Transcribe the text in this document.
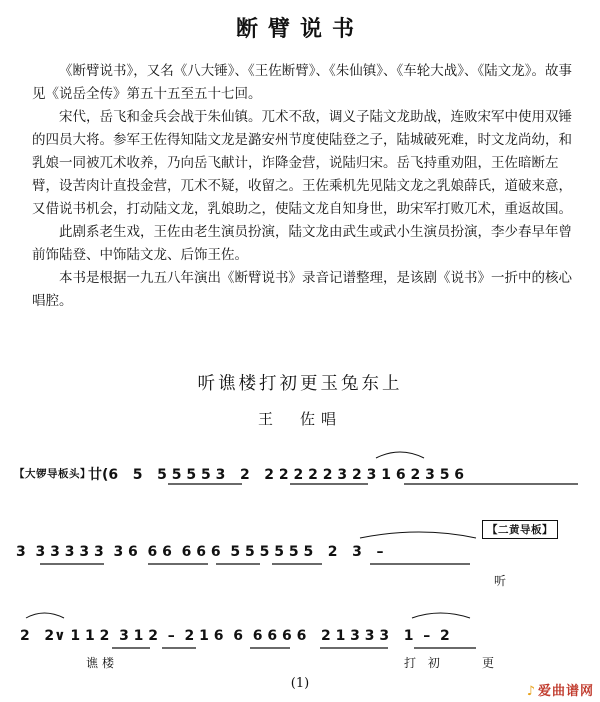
断臂说书

《断臂说书》，又名《八大锤》、《王佐断臂》、《朱仙镇》、《车轮大战》、《陆文龙》。故事见《说岳全传》第五十五至五十七回。

宋代，岳飞和金兵会战于朱仙镇。兀术不敌，调义子陆文龙助战，连败宋军中使用双锤的四员大将。参军王佐得知陆文龙是潞安州节度使陆登之子，陆城破死难，时文龙尚幼，和乳娘一同被兀术收养，乃向岳飞献计，诈降金营，说陆归宋。岳飞持重劝阻，王佐暗断左臂，设苦肉计直投金营，兀术不疑，收留之。王佐乘机先见陆文龙之乳娘薛氏，道破来意，又借说书机会，打动陆文龙，乳娘助之，使陆文龙自知身世，助宋军打败兀术，重返故国。

此剧系老生戏，王佐由老生演员扮演，陆文龙由武生或武小生演员扮演，李少春早年曾前饰陆登、中饰陆文龙、后饰王佐。

本书是根据一九五八年演出《断臂说书》录音记谱整理，是该剧《说书》一折中的核心唱腔。

听谯楼打初更玉兔东上
王　佐唱
【大锣导板头】
廿(6   5   5 5 5 5 3   2   2 2 2 2 2 3 2 3 1 6 2 3 5 6
【二黄导板】
3  3 3 3 3 3  3 6  6 6  6 6 6  5 5 5 5 5 5   2   3   –
听
2   2∨ 1 1 2  3 1 2  –  2 1 6  6  6 6 6 6   2 1 3 3 3   1  –  2
谯楼	打 初	更
(1)
♪ 爱曲谱网
